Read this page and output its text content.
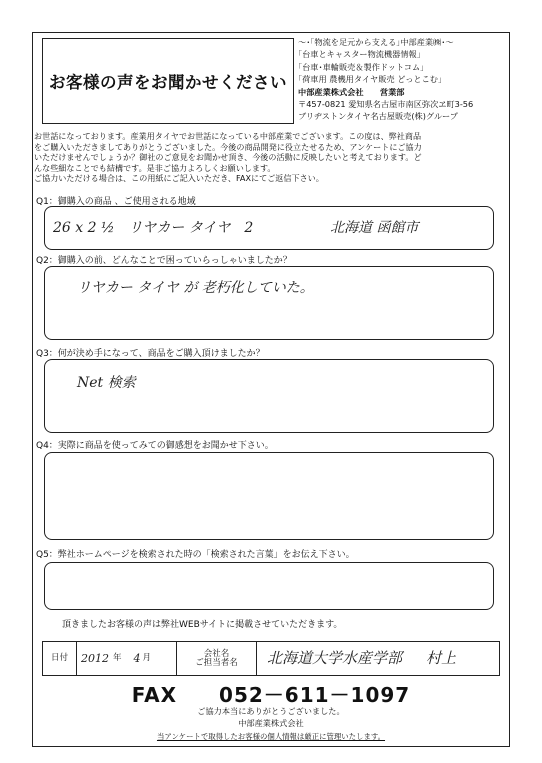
お客様の声をお聞かせください
～･｢物流を足元から支える｣中部産業㈱･～
｢台車とキャスター物流機器情報｣
｢台車･車輪販売＆製作ドットコム｣
｢荷車用 農機用タイヤ販売 どっとこむ｣
中部産業株式会社　　営業部
〒457-0821 愛知県名古屋市南区弥次ヱ町3-56
ブリヂストンタイヤ名古屋販売(株)グループ
お世話になっております。産業用タイヤでお世話になっている中部産業でございます。この度は、弊社商品
をご購入いただきましてありがとうございました。今後の商品開発に役立たせるため、アンケートにご協力
いただけませんでしょうか？御社のご意見をお聞かせ頂き、今後の活動に反映したいと考えております。ど
んな些細なことでも結構です。是非ご協力よろしくお願いします。
ご協力いただける場合は、この用紙にご記入いただき、FAXにてご返信下さい。
Q1：御購入の商品 、ご使用される地域
26 x 2 ½　リヤカー タイヤ　2	北海道 函館市
Q2：御購入の前、どんなことで困っていらっしゃいましたか？
リヤカー タイヤ が 老朽化していた。
Q3：何が決め手になって、商品をご購入頂けましたか？
Net 検索
Q4：実際に商品を使ってみての御感想をお聞かせ下さい。
Q5：弊社ホームページを検索された時の「検索された言葉」をお伝え下さい。
頂きましたお客様の声は弊社WEBサイトに掲載させていただきます。
日付 2012 年 4 月	会社名
ご担当者名 北海道大学水産学部 村上
FAX 052－611－1097
ご協力本当にありがとうございました。
中部産業株式会社
当アンケートで取得したお客様の個人情報は厳正に管理いたします。
